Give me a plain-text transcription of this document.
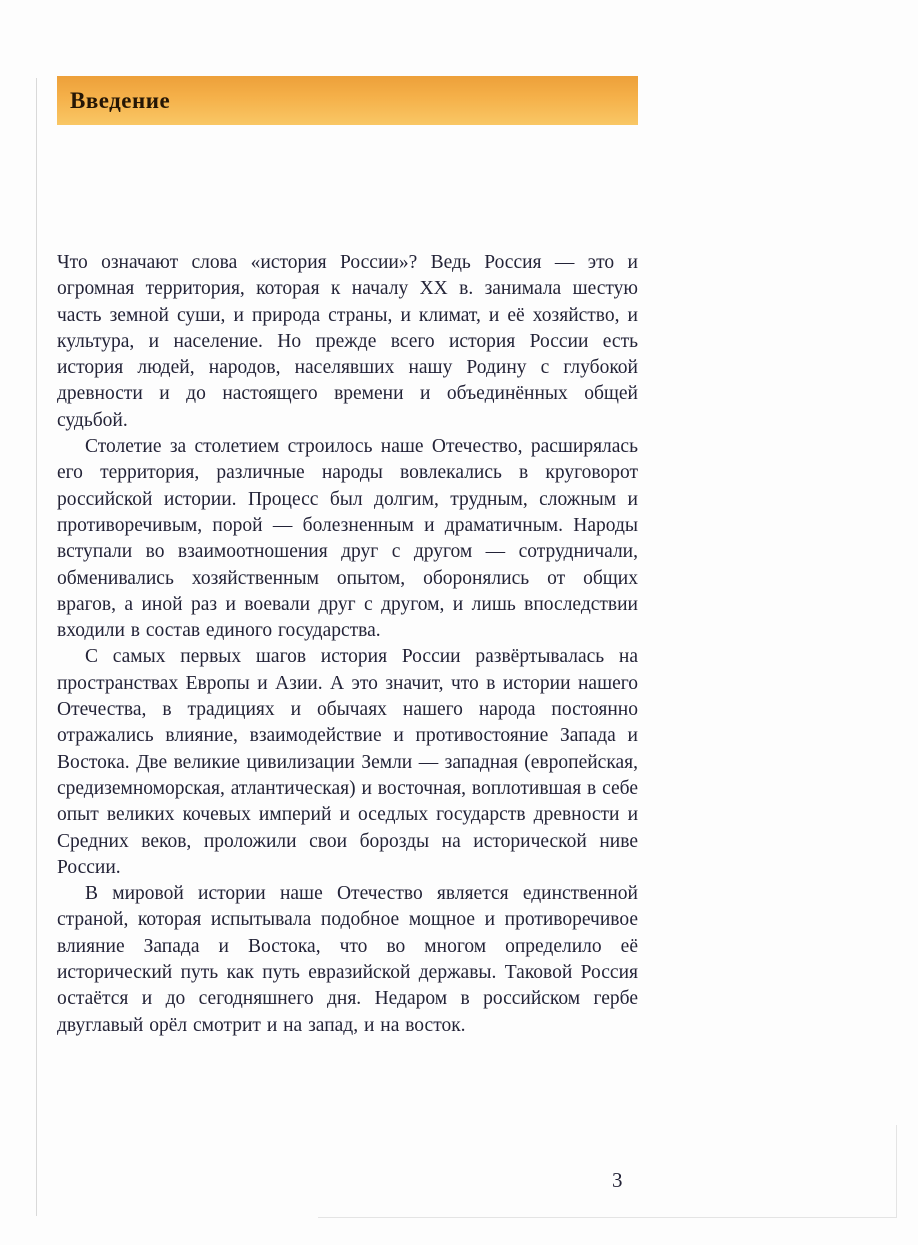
Введение

Что означают слова «история России»? Ведь Россия — это и огромная территория, которая к началу XX в. занимала шестую часть земной суши, и природа страны, и климат, и её хозяйство, и культура, и население. Но прежде всего история России есть история людей, народов, населявших нашу Родину с глубокой древности и до настоящего времени и объединённых общей судьбой.

Столетие за столетием строилось наше Отечество, расширялась его территория, различные народы вовлекались в круговорот российской истории. Процесс был долгим, трудным, сложным и противоречивым, порой — болезненным и драматичным. Народы вступали во взаимоотношения друг с другом — сотрудничали, обменивались хозяйственным опытом, оборонялись от общих врагов, а иной раз и воевали друг с другом, и лишь впоследствии входили в состав единого государства.

С самых первых шагов история России развёртывалась на пространствах Европы и Азии. А это значит, что в истории нашего Отечества, в традициях и обычаях нашего народа постоянно отражались влияние, взаимодействие и противостояние Запада и Востока. Две великие цивилизации Земли — западная (европейская, средиземноморская, атлантическая) и восточная, воплотившая в себе опыт великих кочевых империй и оседлых государств древности и Средних веков, проложили свои борозды на исторической ниве России.

В мировой истории наше Отечество является единственной страной, которая испытывала подобное мощное и противоречивое влияние Запада и Востока, что во многом определило её исторический путь как путь евразийской державы. Таковой Россия остаётся и до сегодняшнего дня. Недаром в российском гербе двуглавый орёл смотрит и на запад, и на восток.

3
